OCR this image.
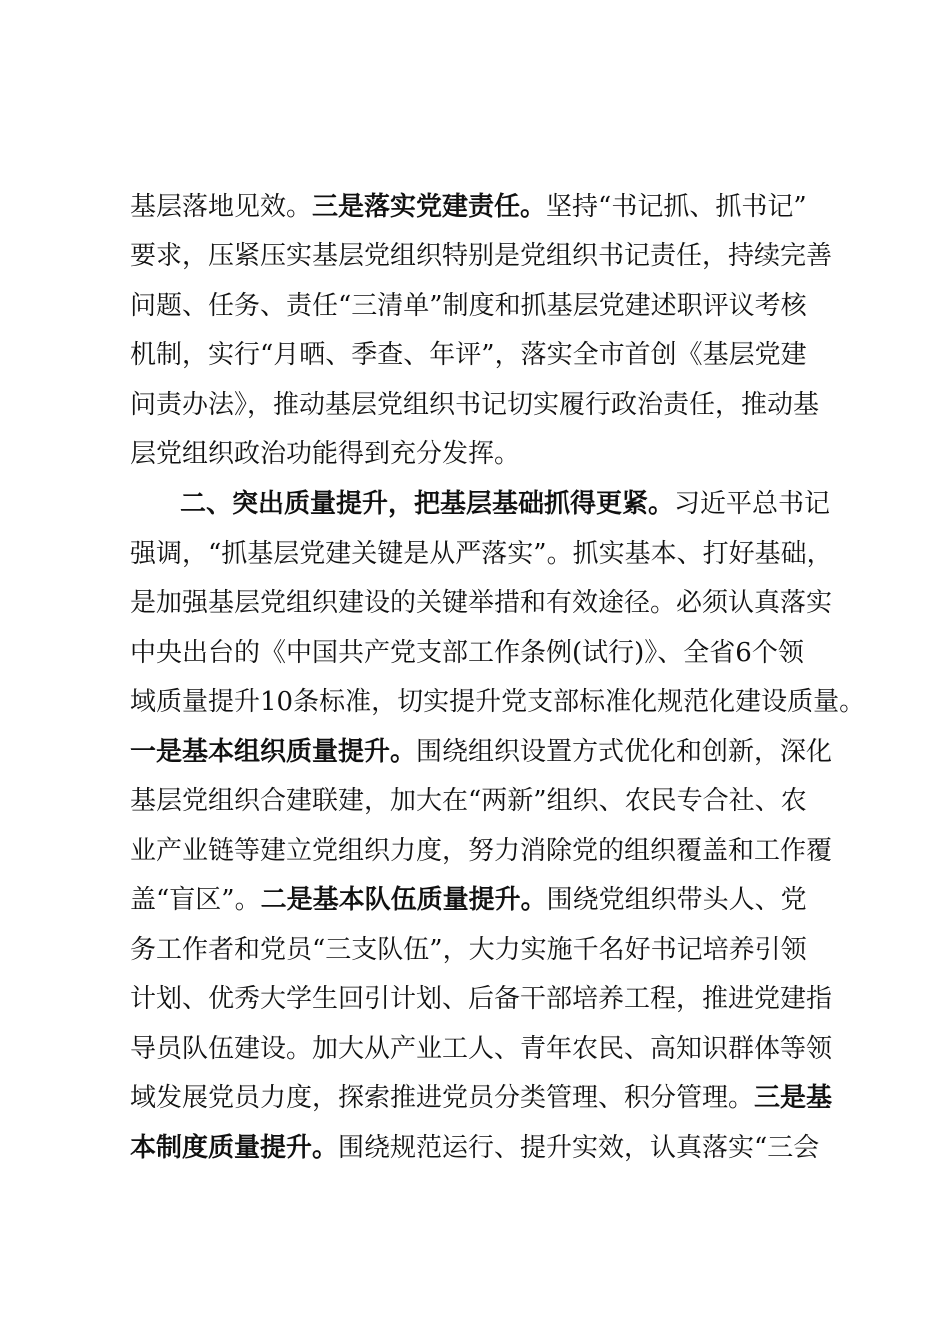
基层落地见效。三是落实党建责任。坚持“书记抓、抓书记”
要求，压紧压实基层党组织特别是党组织书记责任，持续完善
问题、任务、责任“三清单”制度和抓基层党建述职评议考核
机制，实行“月晒、季查、年评”，落实全市首创《基层党建
问责办法》，推动基层党组织书记切实履行政治责任，推动基
层党组织政治功能得到充分发挥。
二、突出质量提升，把基层基础抓得更紧。习近平总书记
强调，“抓基层党建关键是从严落实”。抓实基本、打好基础，
是加强基层党组织建设的关键举措和有效途径。必须认真落实
中央出台的《中国共产党支部工作条例(试行)》、全省6个领
域质量提升10条标准，切实提升党支部标准化规范化建设质量。
一是基本组织质量提升。围绕组织设置方式优化和创新，深化
基层党组织合建联建，加大在“两新”组织、农民专合社、农
业产业链等建立党组织力度，努力消除党的组织覆盖和工作覆
盖“盲区”。二是基本队伍质量提升。围绕党组织带头人、党
务工作者和党员“三支队伍”，大力实施千名好书记培养引领
计划、优秀大学生回引计划、后备干部培养工程，推进党建指
导员队伍建设。加大从产业工人、青年农民、高知识群体等领
域发展党员力度，探索推进党员分类管理、积分管理。三是基
本制度质量提升。围绕规范运行、提升实效，认真落实“三会
